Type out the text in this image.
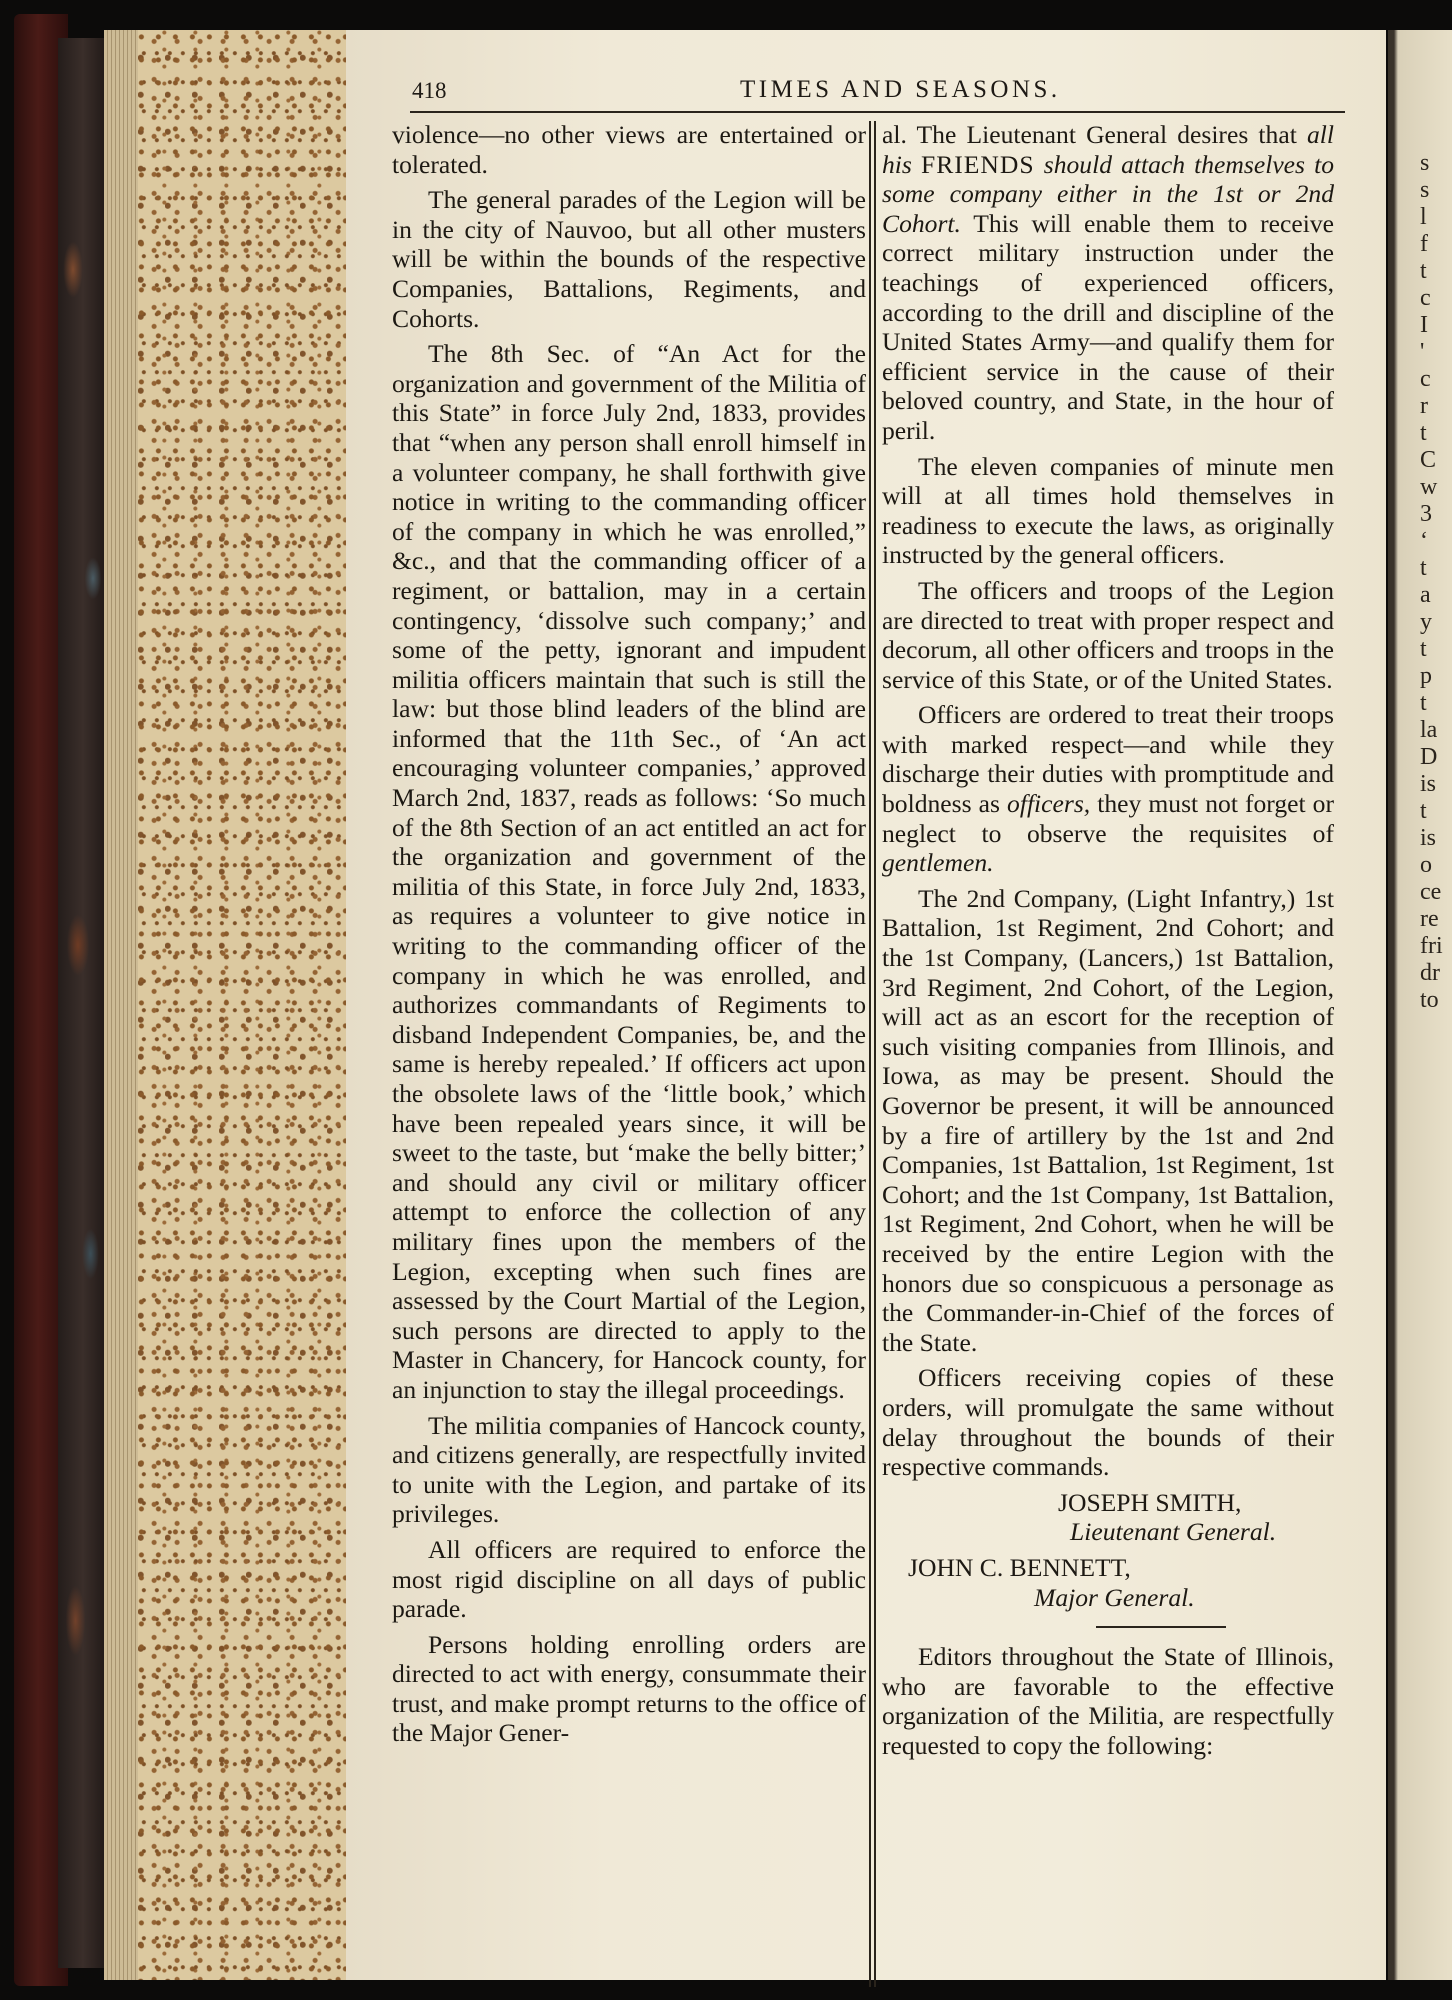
s
s
l
f
t
c
I
'
c
r
t
C
w
3
‘
t
a
y
t
p
t
la
D
is
t
is
o
ce
re
fri
dr
to
418	TIMES AND SEASONS.

violence—no other views are entertained or tolerated.

The general parades of the Legion will be in the city of Nauvoo, but all other musters will be within the bounds of the respective Companies, Battalions, Regiments, and Cohorts.

The 8th Sec. of “An Act for the organization and government of the Militia of this State” in force July 2nd, 1833, provides that “when any person shall enroll himself in a volunteer company, he shall forthwith give notice in writing to the commanding officer of the company in which he was enrolled,” &c., and that the commanding officer of a regiment, or battalion, may in a certain contingency, ‘dissolve such company;’ and some of the petty, ignorant and impudent militia officers maintain that such is still the law: but those blind leaders of the blind are informed that the 11th Sec., of ‘An act encouraging volunteer companies,’ approved March 2nd, 1837, reads as follows: ‘So much of the 8th Section of an act entitled an act for the organization and government of the militia of this State, in force July 2nd, 1833, as requires a volunteer to give notice in writing to the commanding officer of the company in which he was enrolled, and authorizes commandants of Regiments to disband Independent Companies, be, and the same is hereby repealed.’ If officers act upon the obsolete laws of the ‘little book,’ which have been repealed years since, it will be sweet to the taste, but ‘make the belly bitter;’ and should any civil or military officer attempt to enforce the collection of any military fines upon the members of the Legion, excepting when such fines are assessed by the Court Martial of the Legion, such persons are directed to apply to the Master in Chancery, for Hancock county, for an injunction to stay the illegal proceedings.

The militia companies of Hancock county, and citizens generally, are respectfully invited to unite with the Legion, and partake of its privileges.

All officers are required to enforce the most rigid discipline on all days of public parade.

Persons holding enrolling orders are directed to act with energy, consummate their trust, and make prompt returns to the office of the Major Gener-

al. The Lieutenant General desires that all his FRIENDS should attach themselves to some company either in the 1st or 2nd Cohort. This will enable them to receive correct military instruction under the teachings of experienced officers, according to the drill and discipline of the United States Army—and qualify them for efficient service in the cause of their beloved country, and State, in the hour of peril.

The eleven companies of minute men will at all times hold themselves in readiness to execute the laws, as originally instructed by the general officers.

The officers and troops of the Legion are directed to treat with proper respect and decorum, all other officers and troops in the service of this State, or of the United States.

Officers are ordered to treat their troops with marked respect—and while they discharge their duties with promptitude and boldness as officers, they must not forget or neglect to observe the requisites of gentlemen.

The 2nd Company, (Light Infantry,) 1st Battalion, 1st Regiment, 2nd Cohort; and the 1st Company, (Lancers,) 1st Battalion, 3rd Regiment, 2nd Cohort, of the Legion, will act as an escort for the reception of such visiting companies from Illinois, and Iowa, as may be present. Should the Governor be present, it will be announced by a fire of artillery by the 1st and 2nd Companies, 1st Battalion, 1st Regiment, 1st Cohort; and the 1st Company, 1st Battalion, 1st Regiment, 2nd Cohort, when he will be received by the entire Legion with the honors due so conspicuous a personage as the Commander-in-Chief of the forces of the State.

Officers receiving copies of these orders, will promulgate the same without delay throughout the bounds of their respective commands.

JOSEPH SMITH,

Lieutenant General.

JOHN C. BENNETT,

Major General.

Editors throughout the State of Illinois, who are favorable to the effective organization of the Militia, are respectfully requested to copy the following:
